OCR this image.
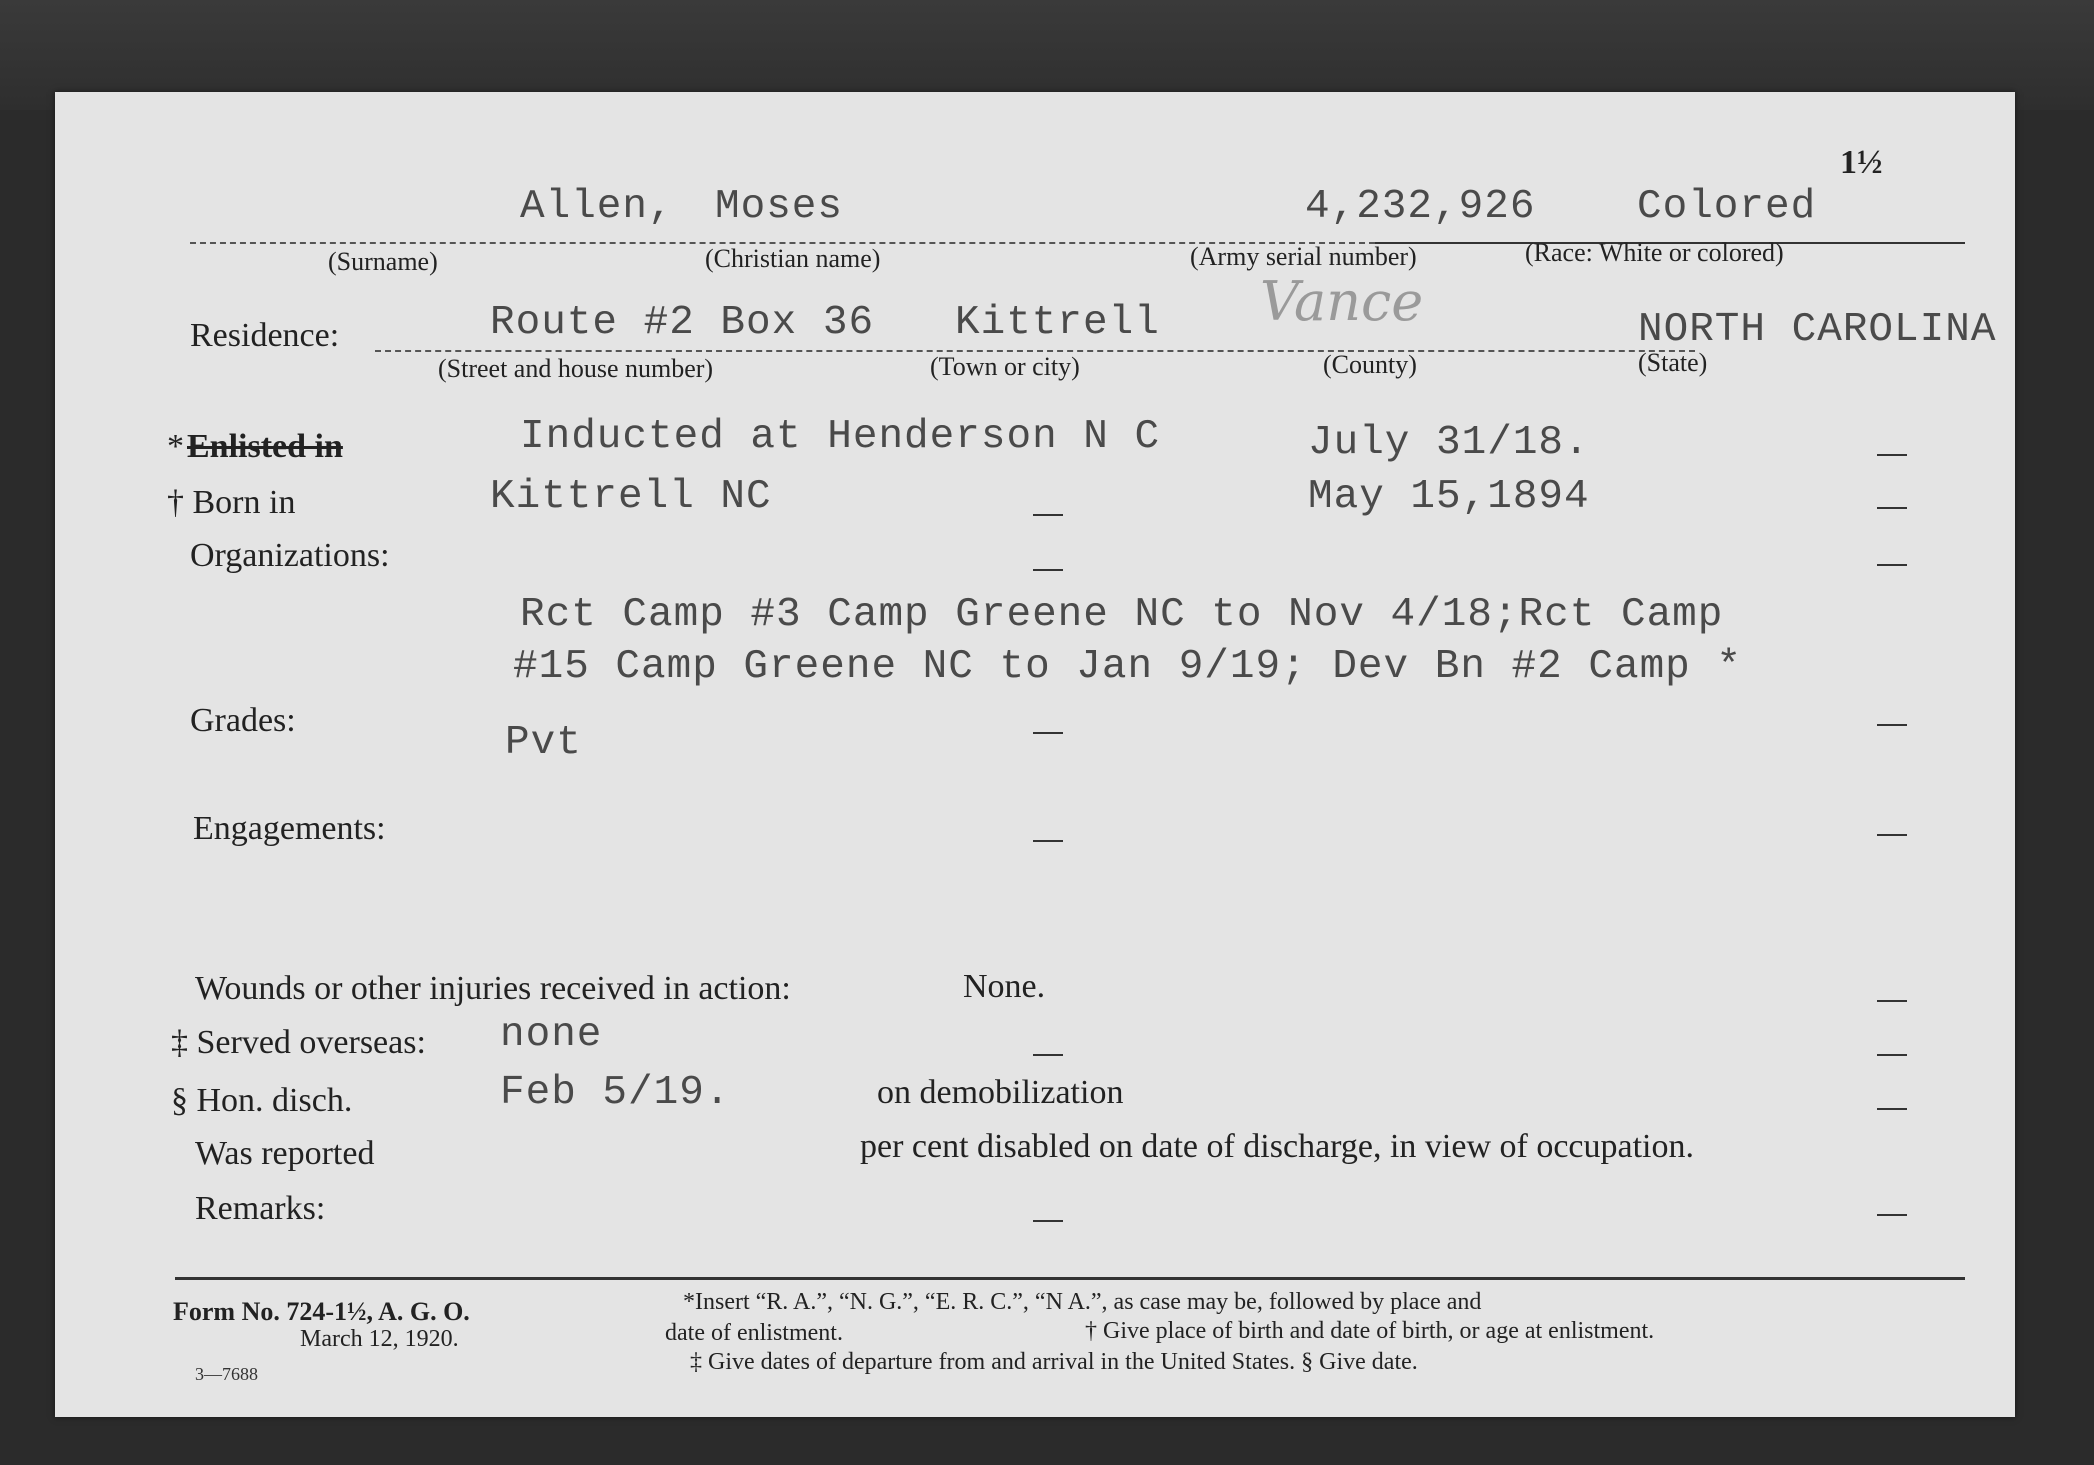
1½
Allen, Moses	4,232,926 Colored
(Surname)	(Christian name)	(Army serial number)	(Race: White or colored)
Residence:	Route #2 Box 36 Kittrell Vance	NORTH CAROLINA
(Street and house number)	(Town or city)	(County)	(State)
* Enlisted in	Inducted at Henderson N C	July 31/18.
† Born in	Kittrell NC	May 15,1894
Organizations:
Rct Camp #3 Camp Greene NC to Nov 4/18;Rct Camp
#15 Camp Greene NC to Jan 9/19; Dev Bn #2 Camp *
Grades:	Pvt
Engagements:
Wounds or other injuries received in action:	None.
‡ Served overseas: none
§ Hon. disch.	Feb 5/19.	on demobilization
Was reported	per cent disabled on date of discharge, in view of occupation.
Remarks:
Form No. 724-1½, A. G. O.
March 12, 1920.
3—7688
*Insert “R. A.”, “N. G.”, “E. R. C.”, “N A.”, as case may be, followed by place and
date of enlistment.	† Give place of birth and date of birth, or age at enlistment.
‡ Give dates of departure from and arrival in the United States. § Give date.
